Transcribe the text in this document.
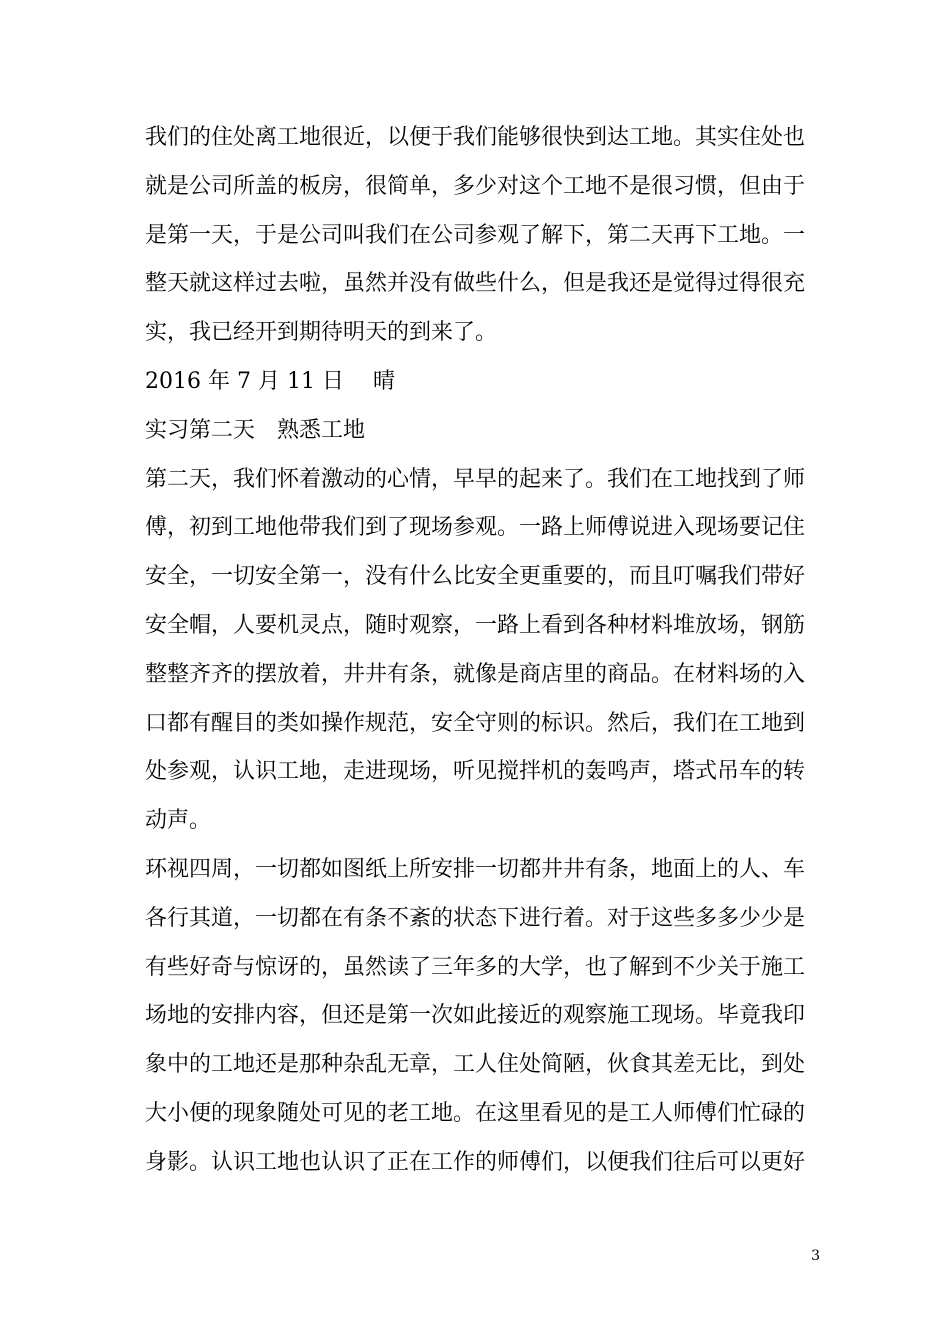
我们的住处离工地很近，以便于我们能够很快到达工地。其实住处也
就是公司所盖的板房，很简单，多少对这个工地不是很习惯，但由于
是第一天，于是公司叫我们在公司参观了解下，第二天再下工地。一
整天就这样过去啦，虽然并没有做些什么，但是我还是觉得过得很充
实，我已经开到期待明天的到来了。
2016 年 7 月 11 日　 晴
实习第二天　熟悉工地
第二天，我们怀着激动的心情，早早的起来了。我们在工地找到了师
傅，初到工地他带我们到了现场参观。一路上师傅说进入现场要记住
安全，一切安全第一，没有什么比安全更重要的，而且叮嘱我们带好
安全帽，人要机灵点，随时观察，一路上看到各种材料堆放场，钢筋
整整齐齐的摆放着，井井有条，就像是商店里的商品。在材料场的入
口都有醒目的类如操作规范，安全守则的标识。然后，我们在工地到
处参观，认识工地，走进现场，听见搅拌机的轰鸣声，塔式吊车的转
动声。
环视四周，一切都如图纸上所安排一切都井井有条，地面上的人、车
各行其道，一切都在有条不紊的状态下进行着。对于这些多多少少是
有些好奇与惊讶的，虽然读了三年多的大学，也了解到不少关于施工
场地的安排内容，但还是第一次如此接近的观察施工现场。毕竟我印
象中的工地还是那种杂乱无章，工人住处简陋，伙食其差无比，到处
大小便的现象随处可见的老工地。在这里看见的是工人师傅们忙碌的
身影。认识工地也认识了正在工作的师傅们，以便我们往后可以更好
3
